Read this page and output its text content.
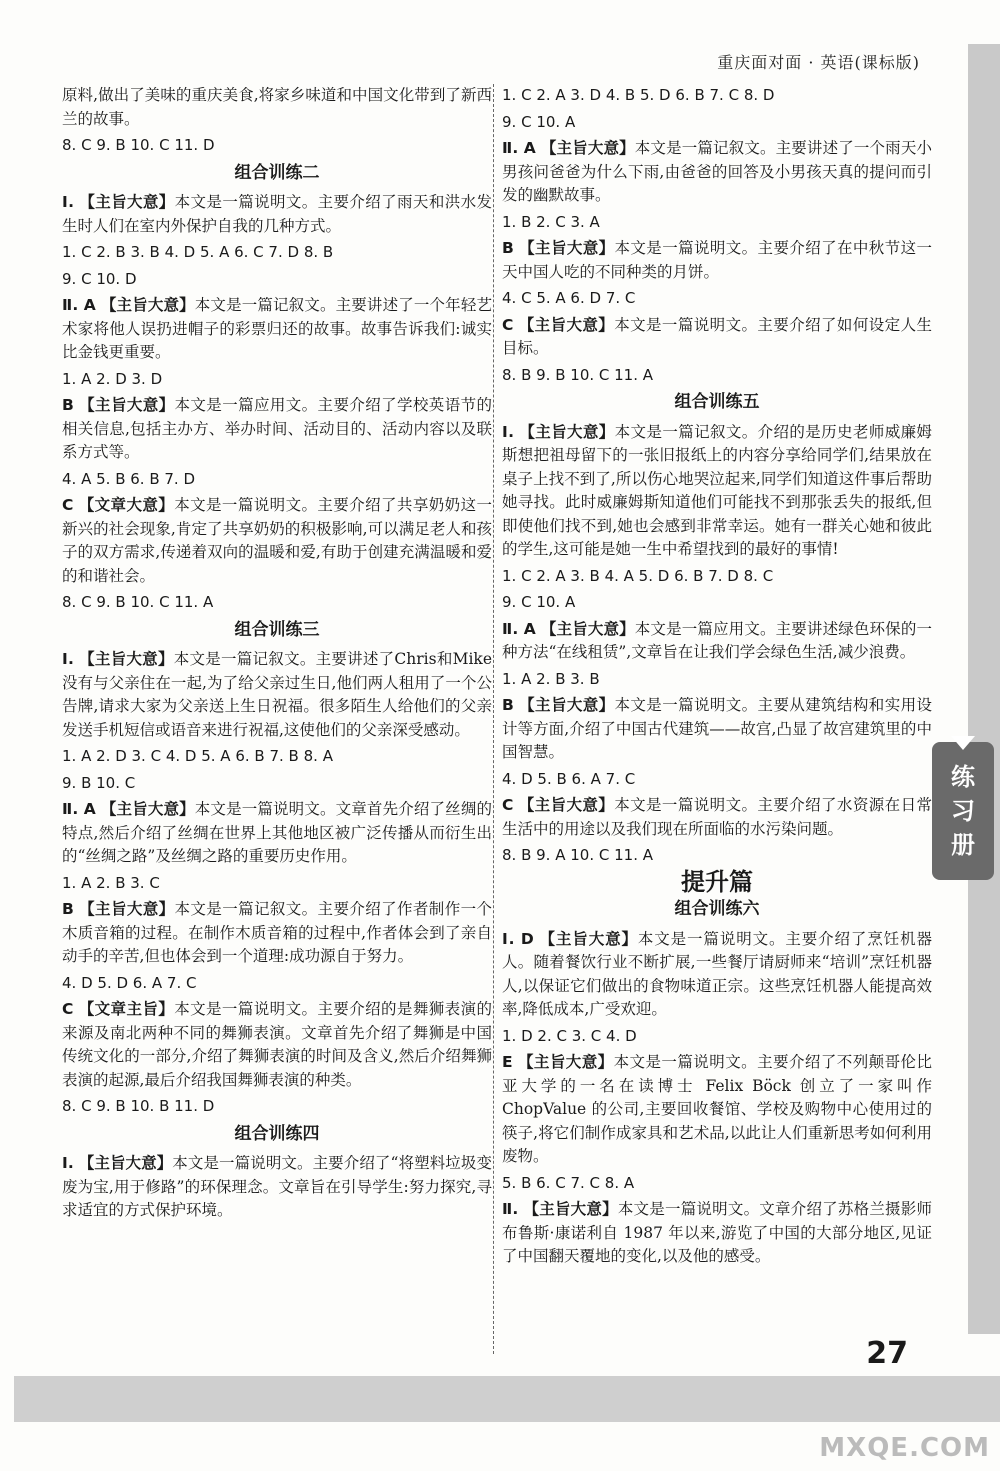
重庆面对面 · 英语(课标版)
原料,做出了美味的重庆美食,将家乡味道和中国文化带到了新西兰的故事。
8. C 9. B 10. C 11. D
组合训练二
Ⅰ. 【主旨大意】本文是一篇说明文。主要介绍了雨天和洪水发生时人们在室内外保护自我的几种方式。
1. C 2. B 3. B 4. D 5. A 6. C 7. D 8. B
9. C 10. D
Ⅱ. A 【主旨大意】本文是一篇记叙文。主要讲述了一个年轻艺术家将他人误扔进帽子的彩票归还的故事。故事告诉我们:诚实比金钱更重要。
1. A 2. D 3. D
B 【主旨大意】本文是一篇应用文。主要介绍了学校英语节的相关信息,包括主办方、举办时间、活动目的、活动内容以及联系方式等。
4. A 5. B 6. B 7. D
C 【文章大意】本文是一篇说明文。主要介绍了共享奶奶这一新兴的社会现象,肯定了共享奶奶的积极影响,可以满足老人和孩子的双方需求,传递着双向的温暖和爱,有助于创建充满温暖和爱的和谐社会。
8. C 9. B 10. C 11. A
组合训练三
Ⅰ. 【主旨大意】本文是一篇记叙文。主要讲述了Chris和Mike没有与父亲住在一起,为了给父亲过生日,他们两人租用了一个公告牌,请求大家为父亲送上生日祝福。很多陌生人给他们的父亲发送手机短信或语音来进行祝福,这使他们的父亲深受感动。
1. A 2. D 3. C 4. D 5. A 6. B 7. B 8. A
9. B 10. C
Ⅱ. A 【主旨大意】本文是一篇说明文。文章首先介绍了丝绸的特点,然后介绍了丝绸在世界上其他地区被广泛传播从而衍生出的“丝绸之路”及丝绸之路的重要历史作用。
1. A 2. B 3. C
B 【主旨大意】本文是一篇记叙文。主要介绍了作者制作一个木质音箱的过程。在制作木质音箱的过程中,作者体会到了亲自动手的辛苦,但也体会到一个道理:成功源自于努力。
4. D 5. D 6. A 7. C
C 【文章主旨】本文是一篇说明文。主要介绍的是舞狮表演的来源及南北两种不同的舞狮表演。文章首先介绍了舞狮是中国传统文化的一部分,介绍了舞狮表演的时间及含义,然后介绍舞狮表演的起源,最后介绍我国舞狮表演的种类。
8. C 9. B 10. B 11. D
组合训练四
Ⅰ. 【主旨大意】本文是一篇说明文。主要介绍了“将塑料垃圾变废为宝,用于修路”的环保理念。文章旨在引导学生:努力探究,寻求适宜的方式保护环境。
1. C 2. A 3. D 4. B 5. D 6. B 7. C 8. D
9. C 10. A
Ⅱ. A 【主旨大意】本文是一篇记叙文。主要讲述了一个雨天小男孩问爸爸为什么下雨,由爸爸的回答及小男孩天真的提问而引发的幽默故事。
1. B 2. C 3. A
B 【主旨大意】本文是一篇说明文。主要介绍了在中秋节这一天中国人吃的不同种类的月饼。
4. C 5. A 6. D 7. C
C 【主旨大意】本文是一篇说明文。主要介绍了如何设定人生目标。
8. B 9. B 10. C 11. A
组合训练五
Ⅰ. 【主旨大意】本文是一篇记叙文。介绍的是历史老师威廉姆斯想把祖母留下的一张旧报纸上的内容分享给同学们,结果放在桌子上找不到了,所以伤心地哭泣起来,同学们知道这件事后帮助她寻找。此时威廉姆斯知道他们可能找不到那张丢失的报纸,但即使他们找不到,她也会感到非常幸运。她有一群关心她和彼此的学生,这可能是她一生中希望找到的最好的事情!
1. C 2. A 3. B 4. A 5. D 6. B 7. D 8. C
9. C 10. A
Ⅱ. A 【主旨大意】本文是一篇应用文。主要讲述绿色环保的一种方法“在线租赁”,文章旨在让我们学会绿色生活,减少浪费。
1. A 2. B 3. B
B 【主旨大意】本文是一篇说明文。主要从建筑结构和实用设计等方面,介绍了中国古代建筑——故宫,凸显了故宫建筑里的中国智慧。
4. D 5. B 6. A 7. C
C 【主旨大意】本文是一篇说明文。主要介绍了水资源在日常生活中的用途以及我们现在所面临的水污染问题。
8. B 9. A 10. C 11. A
提升篇
组合训练六
Ⅰ. D 【主旨大意】本文是一篇说明文。主要介绍了烹饪机器人。随着餐饮行业不断扩展,一些餐厅请厨师来“培训”烹饪机器人,以保证它们做出的食物味道正宗。这些烹饪机器人能提高效率,降低成本,广受欢迎。
1. D 2. C 3. C 4. D
E 【主旨大意】本文是一篇说明文。主要介绍了不列颠哥伦比亚大学的一名在读博士 Felix Böck 创立了一家叫作 ChopValue 的公司,主要回收餐馆、学校及购物中心使用过的筷子,将它们制作成家具和艺术品,以此让人们重新思考如何利用废物。
5. B 6. C 7. C 8. A
Ⅱ. 【主旨大意】本文是一篇说明文。文章介绍了苏格兰摄影师布鲁斯·康诺利自 1987 年以来,游览了中国的大部分地区,见证了中国翻天覆地的变化,以及他的感受。
练
习
册
27
MXQE.COM
